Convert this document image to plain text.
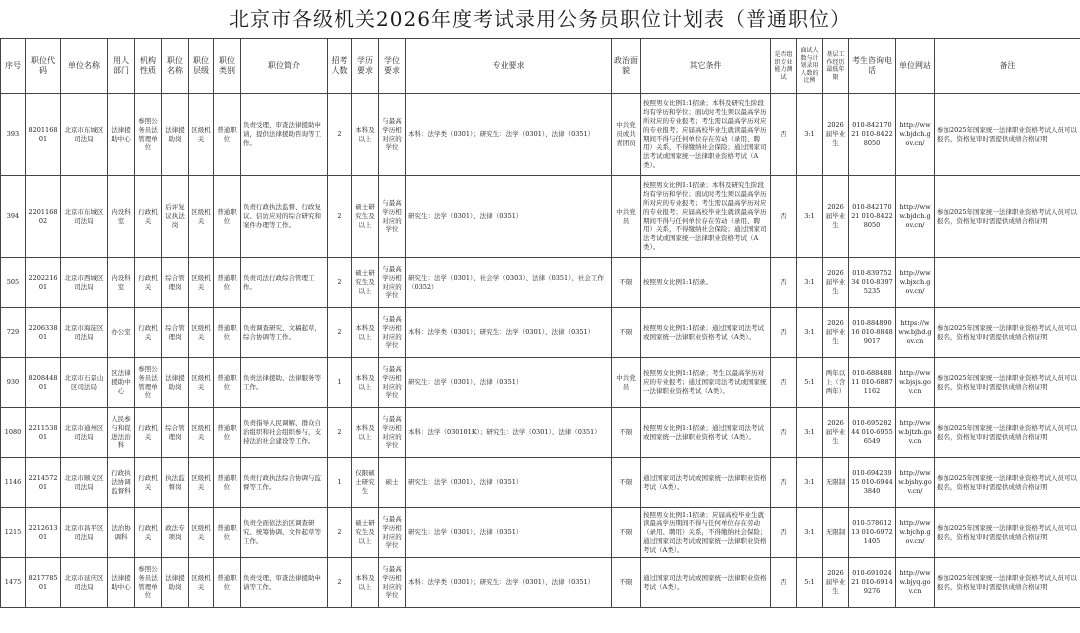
北京市各级机关2026年度考试录用公务员职位计划表（普通职位）
序号	职位代码	单位名称	用人部门	机构性质	职位名称	职位层级	职位类别	职位简介	招考人数	学历要求	学位要求	专业要求	政治面貌	其它条件	是否组织专业能力测试	面试人数与计划录用人数的比例	基层工作经历最低年限	考生咨询电话	单位网站	备注
393	820116801	北京市东城区司法局	法律援助中心	参照公务员法管理单位	法律援助岗	区级机关	普通职位	负责受理、审查法律援助申请，提供法律援助咨询等工作。	2	本科及以上	与最高学历相对应的学位	本科：法学类（0301）；研究生：法学（0301）、法律（0351）	中共党员或共青团员	按照男女比例1:1招录；本科及研究生阶段均有学历和学位；面试时考生须以最高学历所对应的专业报考；考生需以最高学历对应的专业报考；应届高校毕业生就读最高学历期间不得与任何单位存在劳动（录用、聘用）关系，不得缴纳社会保险；通过国家司法考试或国家统一法律职业资格考试（A类）。	否	3:1	2026届毕业生	010-84217021 010-84228050	http://www.bjdch.gov.cn/	参加2025年国家统一法律职业资格考试人员可以报名，资格复审时需提供成绩合格证明
394	220116802	北京市东城区司法局	内设科室	行政机关	后评复议执法岗	区级机关	普通职位	负责行政执法监督、行政复议、信访应对的综合研究和案件办理等工作。	2	硕士研究生及以上	与最高学历相对应的学位	研究生：法学（0301）、法律（0351）	中共党员	按照男女比例1:1招录；本科及研究生阶段均有学历和学位；面试时考生须以最高学历所对应的专业报考；考生需以最高学历对应的专业报考；应届高校毕业生就读最高学历期间不得与任何单位存在劳动（录用、聘用）关系，不得缴纳社会保险；通过国家司法考试或国家统一法律职业资格考试（A类）。	否	3:1	2026届毕业生	010-84217021 010-84228050	http://www.bjdch.gov.cn/	参加2025年国家统一法律职业资格考试人员可以报名，资格复审时需提供成绩合格证明
505	220221601	北京市西城区司法局	内设科室	行政机关	综合管理岗	区级机关	普通职位	负责司法行政综合管理工作。	2	硕士研究生及以上	与最高学历相对应的学位	研究生：法学（0301）、社会学（0303）、法律（0351）、社会工作（0352）	不限	按照男女比例1:1招录。	否	3:1	2026届毕业生	010-83975234 010-83975235	http://www.bjxch.gov.cn/	
729	220633801	北京市海淀区司法局	办公室	行政机关	综合管理岗	区级机关	普通职位	负责调查研究、文稿起草，综合协调等工作。	2	本科及以上	与最高学历相对应的学位	本科：法学类（0301）；研究生：法学（0301）、法律（0351）	不限	按照男女比例1:1招录；通过国家司法考试或国家统一法律职业资格考试（A类）。	否	3:1	2026届毕业生	010-88489016 010-88489017	https://www.bjhd.gov.cn	参加2025年国家统一法律职业资格考试人员可以报名，资格复审时需提供成绩合格证明
930	820844801	北京市石景山区司法局	区法律援助中心	参照公务员法管理单位	法律援助岗	区级机关	普通职位	负责法律援助、法律服务等工作。	1	本科及以上	与最高学历相对应的学位	研究生：法学（0301）、法律（0351）	中共党员	按照男女比例1:1招录；考生以最高学历对应的专业报考；通过国家司法考试或国家统一法律职业资格考试（A类）。	否	5:1	两年以上（含两年）	010-68848811 010-68871162	http://www.bjsjs.gov.cn	参加2025年国家统一法律职业资格考试人员可以报名，资格复审时需提供成绩合格证明
1080	221153801	北京市通州区司法局	人民参与和促进法治科	行政机关	综合管理岗	区级机关	普通职位	负责指导人民调解、群众自治组织和社会组织参与，支持法治社会建设等工作。	2	本科及以上	与最高学历相对应的学位	本科：法学（030101K）；研究生：法学（0301）、法律（0351）	不限	按照男女比例1:1招录；通过国家司法考试或国家统一法律职业资格考试（A类）。	否	3:1	2026届毕业生	010-69528244 010-69556549	http://www.bjtzh.gov.cn	参加2025年国家统一法律职业资格考试人员可以报名，资格复审时需提供成绩合格证明
1146	221457201	北京市顺义区司法局	行政执法协调监督科	行政机关	执法监督岗	区级机关	普通职位	负责行政执法综合协调与监督等工作。	1	仅限硕士研究生	硕士	研究生：法学（0301）、法律（0351）	不限	通过国家司法考试或国家统一法律职业资格考试（A类）。	否	3:1	无限制	010-69423915 010-69443840	http://www.bjshy.gov.cn/	参加2025年国家统一法律职业资格考试人员可以报名，资格复审时需提供成绩合格证明
1215	221261301	北京市昌平区司法局	法治协调科	行政机关	政法专项岗	区级机关	普通职位	负责全面依法治区调查研究、统筹协调、文件起草等工作。	2	硕士研究生及以上	与最高学历相对应的学位	研究生：法学（0301）、法律（0351）	不限	按照男女比例1:1招录；应届高校毕业生就读最高学历期间不得与任何单位存在劳动（录用、聘用）关系，不得缴纳社会保险；通过国家司法考试或国家统一法律职业资格考试（A类）。	否	3:1	无限制	010-57861213 010-69721405	http://www.bjchp.gov.cn/	参加2025年国家统一法律职业资格考试人员可以报名，资格复审时需提供成绩合格证明
1475	821778501	北京市延庆区司法局	法律援助中心	参照公务员法管理单位	法律援助岗	区级机关	普通职位	负责受理、审查法律援助申请等工作。	2	本科及以上	与最高学历相对应的学位	本科：法学类（0301）；研究生：法学（0301）、法律（0351）	不限	通过国家司法考试或国家统一法律职业资格考试（A类）。	否	5:1	2026届毕业生	010-69102421 010-69149276	http://www.bjyq.gov.cn	参加2025年国家统一法律职业资格考试人员可以报名，资格复审时需提供成绩合格证明
